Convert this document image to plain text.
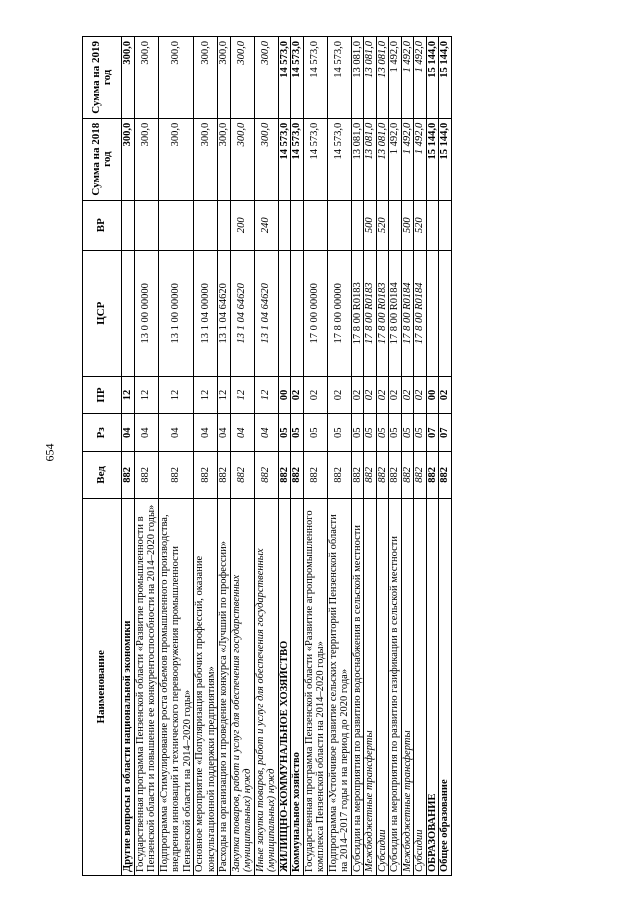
654
Наименование	Вед	Рз	ПР	ЦСР	ВР	Сумма на 2018 год	Сумма на 2019 год
Другие вопросы в области национальной экономики	882	04	12			300,0	300,0
Государственная программа Пензенской области «Развитие промышленности в Пензенской области и повышение ее конкурентоспособности на 2014–2020 годы»	882	04	12	13 0 00 00000		300,0	300,0
Подпрограмма «Стимулирование роста объемов промышленного производства, внедрения инноваций и технического перевооружения промышленности Пензенской области на 2014–2020 годы»	882	04	12	13 1 00 00000		300,0	300,0
Основное мероприятие «Популяризация рабочих профессий, оказание консультационной поддержки предприятиям»	882	04	12	13 1 04 00000		300,0	300,0
Расходы на организацию и проведение конкурса «Лучший по профессии»	882	04	12	13 1 04 64620		300,0	300,0
Закупка товаров, работ и услуг для обеспечения государственных (муниципальных) нужд	882	04	12	13 1 04 64620	200	300,0	300,0
Иные закупки товаров, работ и услуг для обеспечения государственных (муниципальных) нужд	882	04	12	13 1 04 64620	240	300,0	300,0
ЖИЛИЩНО-КОММУНАЛЬНОЕ ХОЗЯЙСТВО	882	05	00			14 573,0	14 573,0
Коммунальное хозяйство	882	05	02			14 573,0	14 573,0
Государственная программа Пензенской области «Развитие агропромышленного комплекса Пензенской области на 2014–2020 годы»	882	05	02	17 0 00 00000		14 573,0	14 573,0
Подпрограмма «Устойчивое развитие сельских территорий Пензенской области на 2014–2017 годы и на период до 2020 года»	882	05	02	17 8 00 00000		14 573,0	14 573,0
Субсидии на мероприятия по развитию водоснабжения в сельской местности	882	05	02	17 8 00 R0183		13 081,0	13 081,0
Межбюджетные трансферты	882	05	02	17 8 00 R0183	500	13 081,0	13 081,0
Субсидии	882	05	02	17 8 00 R0183	520	13 081,0	13 081,0
Субсидии на мероприятия по развитию газификации в сельской местности	882	05	02	17 8 00 R0184		1 492,0	1 492,0
Межбюджетные трансферты	882	05	02	17 8 00 R0184	500	1 492,0	1 492,0
Субсидии	882	05	02	17 8 00 R0184	520	1 492,0	1 492,0
ОБРАЗОВАНИЕ	882	07	00			15 144,0	15 144,0
Общее образование	882	07	02			15 144,0	15 144,0
